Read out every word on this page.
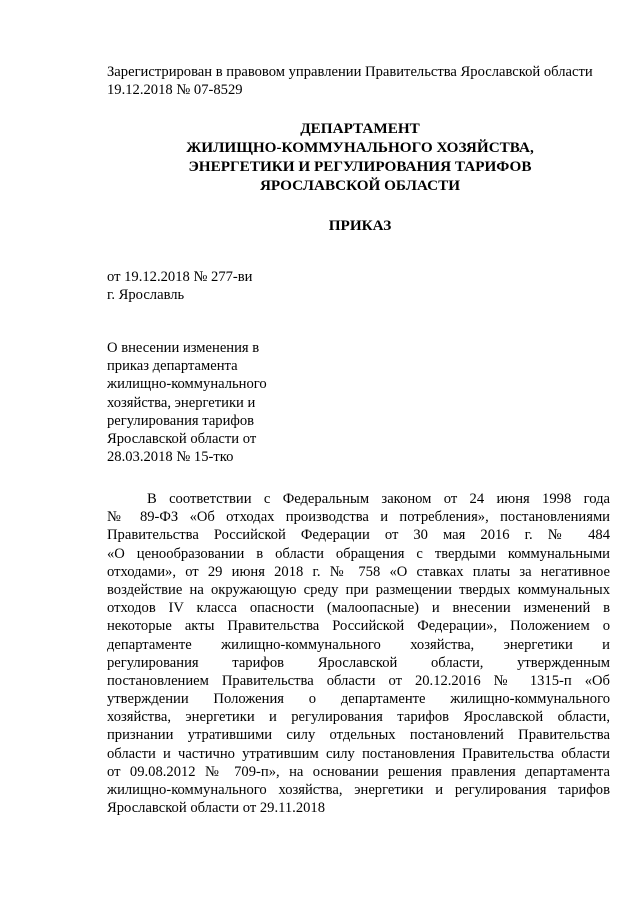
Зарегистрирован в правовом управлении Правительства Ярославской области
19.12.2018 № 07-8529
ДЕПАРТАМЕНТ
ЖИЛИЩНО-КОММУНАЛЬНОГО ХОЗЯЙСТВА,
ЭНЕРГЕТИКИ И РЕГУЛИРОВАНИЯ ТАРИФОВ
ЯРОСЛАВСКОЙ ОБЛАСТИ
ПРИКАЗ
от 19.12.2018 № 277-ви
г. Ярославль
О внесении изменения в
приказ департамента
жилищно-коммунального
хозяйства, энергетики и
регулирования тарифов
Ярославской области от
28.03.2018 № 15-тко
В соответствии с Федеральным законом от 24 июня 1998 года
№ 89-ФЗ «Об отходах производства и потребления», постановлениями
Правительства Российской Федерации от 30 мая 2016 г. № 484
«О ценообразовании в области обращения с твердыми коммунальными
отходами», от 29 июня 2018 г. № 758 «О ставках платы за негативное
воздействие на окружающую среду при размещении твердых коммунальных
отходов IV класса опасности (малоопасные) и внесении изменений в
некоторые акты Правительства Российской Федерации», Положением о
департаменте жилищно-коммунального хозяйства, энергетики и
регулирования тарифов Ярославской области, утвержденным
постановлением Правительства области от 20.12.2016 № 1315-п «Об
утверждении Положения о департаменте жилищно-коммунального
хозяйства, энергетики и регулирования тарифов Ярославской области,
признании утратившими силу отдельных постановлений Правительства
области и частично утратившим силу постановления Правительства области
от 09.08.2012 № 709-п», на основании решения правления департамента
жилищно-коммунального хозяйства, энергетики и регулирования тарифов
Ярославской области от 29.11.2018
